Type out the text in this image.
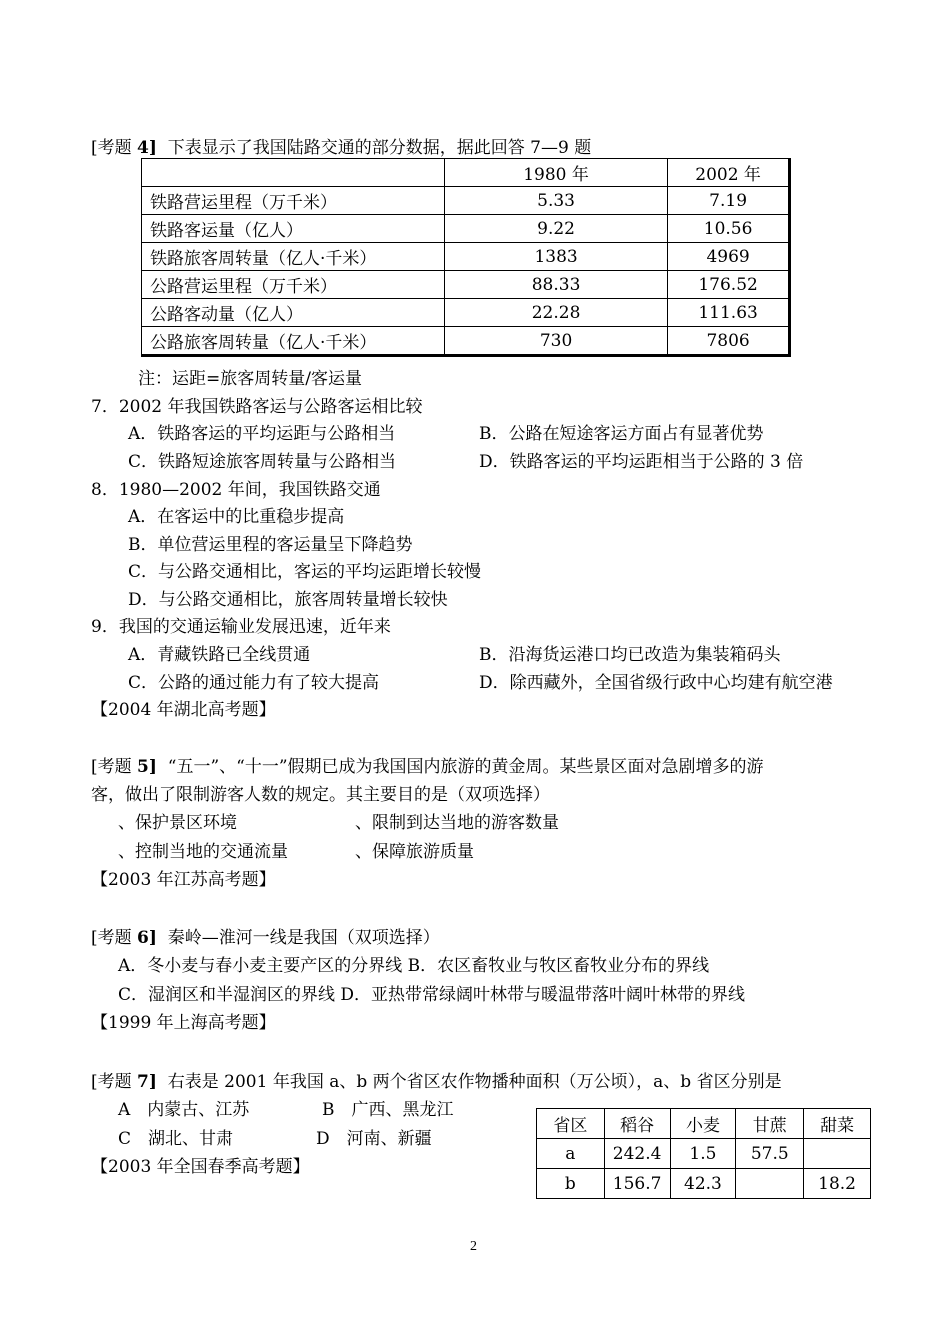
[考题 4] 下表显示了我国陆路交通的部分数据，据此回答 7—9 题
	1980 年	2002 年
铁路营运里程（万千米）	5.33	7.19
铁路客运量（亿人）	9.22	10.56
铁路旅客周转量（亿人·千米）	1383	4969
公路营运里程（万千米）	88.33	176.52
公路客动量（亿人）	22.28	111.63
公路旅客周转量（亿人·千米）	730	7806
注：运距=旅客周转量/客运量
7．2002 年我国铁路客运与公路客运相比较
A．铁路客运的平均运距与公路相当	B．公路在短途客运方面占有显著优势
C．铁路短途旅客周转量与公路相当	D．铁路客运的平均运距相当于公路的 3 倍
8．1980—2002 年间，我国铁路交通
A．在客运中的比重稳步提高
B．单位营运里程的客运量呈下降趋势
C．与公路交通相比，客运的平均运距增长较慢
D．与公路交通相比，旅客周转量增长较快
9．我国的交通运输业发展迅速，近年来
A．青藏铁路已全线贯通	B．沿海货运港口均已改造为集装箱码头
C．公路的通过能力有了较大提高	D．除西藏外，全国省级行政中心均建有航空港
【2004 年湖北高考题】
[考题 5] “五一”、“十一”假期已成为我国国内旅游的黄金周。某些景区面对急剧增多的游
客，做出了限制游客人数的规定。其主要目的是（双项选择）
、保护景区环境	、限制到达当地的游客数量
、控制当地的交通流量	、保障旅游质量
【2003 年江苏高考题】
[考题 6] 秦岭—淮河一线是我国（双项选择）
A．冬小麦与春小麦主要产区的分界线 B．农区畜牧业与牧区畜牧业分布的界线
C．湿润区和半湿润区的界线 D．亚热带常绿阔叶林带与暖温带落叶阔叶林带的界线
【1999 年上海高考题】
[考题 7] 右表是 2001 年我国 a、b 两个省区农作物播种面积（万公顷），a、b 省区分别是
A　内蒙古、江苏	B　广西、黑龙江
C　湖北、甘肃	D　河南、新疆
【2003 年全国春季高考题】
省区	稻谷	小麦	甘蔗	甜菜
a	242.4	1.5	57.5	
b	156.7	42.3		18.2
2
